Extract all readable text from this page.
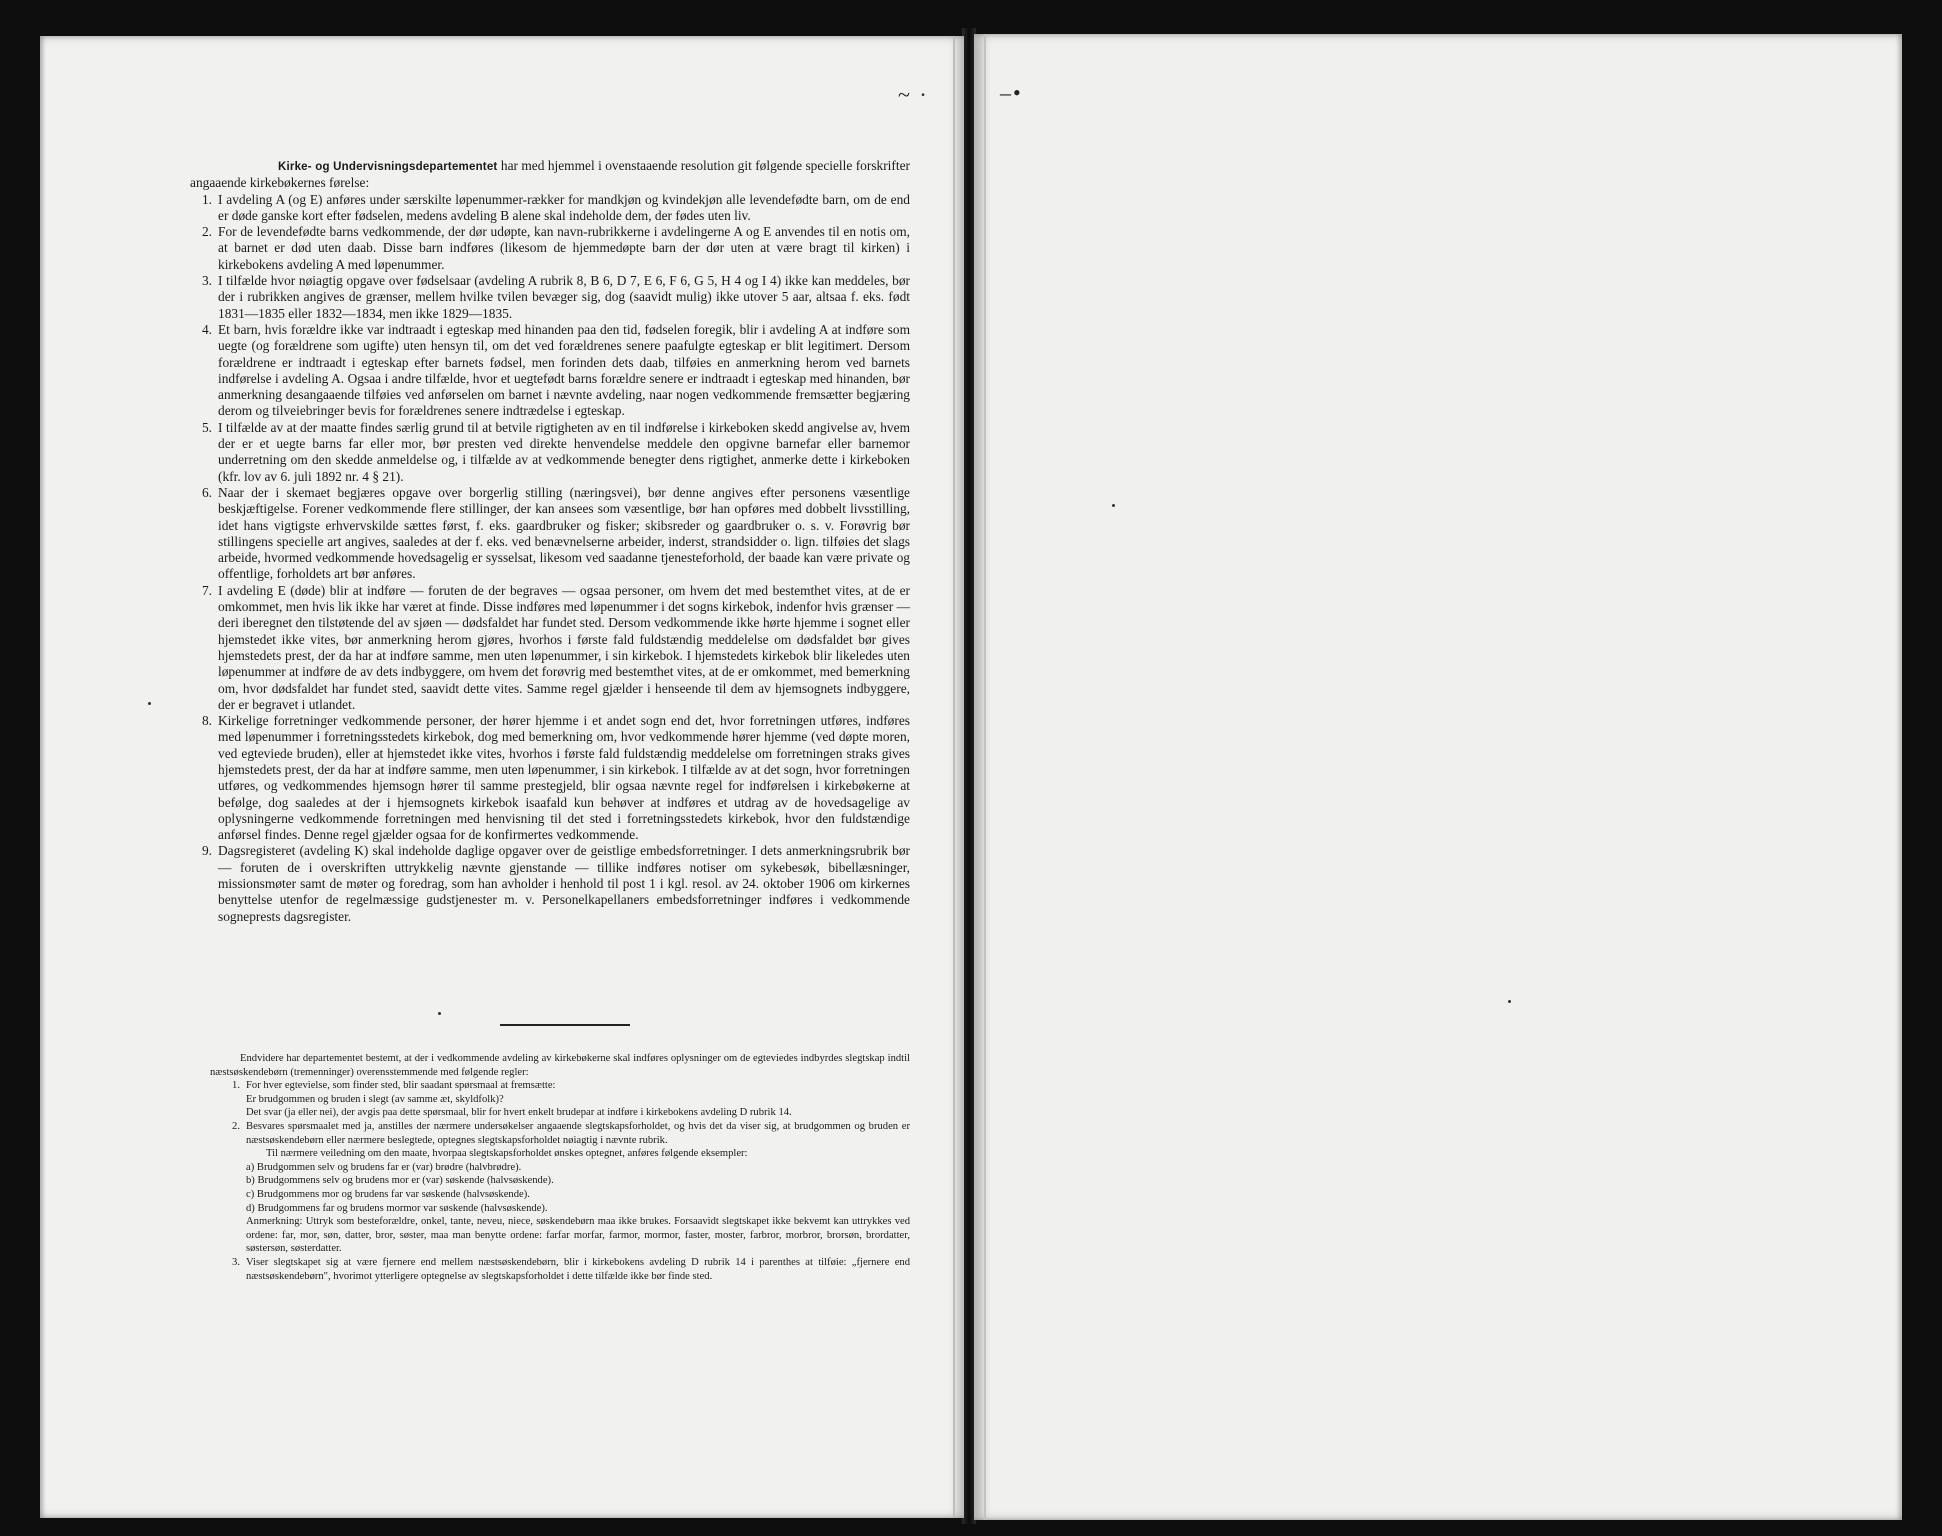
~ ·	–•

Kirke- og Undervisningsdepartementet har med hjemmel i ovenstaaende resolution git følgende specielle forskrifter angaaende kirkebøkernes førelse:

1. I avdeling A (og E) anføres under særskilte løpenummer-rækker for mandkjøn og kvindekjøn alle levendefødte barn, om de end er døde ganske kort efter fødselen, medens avdeling B alene skal indeholde dem, der fødes uten liv.
2. For de levendefødte barns vedkommende, der dør udøpte, kan navn-rubrikkerne i avdelingerne A og E anvendes til en notis om, at barnet er død uten daab. Disse barn indføres (likesom de hjemmedøpte barn der dør uten at være bragt til kirken) i kirkebokens avdeling A med løpenummer.
3. I tilfælde hvor nøiagtig opgave over fødselsaar (avdeling A rubrik 8, B 6, D 7, E 6, F 6, G 5, H 4 og I 4) ikke kan meddeles, bør der i rubrikken angives de grænser, mellem hvilke tvilen bevæger sig, dog (saavidt mulig) ikke utover 5 aar, altsaa f. eks. født 1831—1835 eller 1832—1834, men ikke 1829—1835.
4. Et barn, hvis forældre ikke var indtraadt i egteskap med hinanden paa den tid, fødselen foregik, blir i avdeling A at indføre som uegte (og forældrene som ugifte) uten hensyn til, om det ved forældrenes senere paafulgte egteskap er blit legitimert. Dersom forældrene er indtraadt i egteskap efter barnets fødsel, men forinden dets daab, tilføies en anmerkning herom ved barnets indførelse i avdeling A. Ogsaa i andre tilfælde, hvor et uegtefødt barns forældre senere er indtraadt i egteskap med hinanden, bør anmerkning desangaaende tilføies ved anførselen om barnet i nævnte avdeling, naar nogen vedkommende fremsætter begjæring derom og tilveiebringer bevis for forældrenes senere indtrædelse i egteskap.
5. I tilfælde av at der maatte findes særlig grund til at betvile rigtigheten av en til indførelse i kirkeboken skedd angivelse av, hvem der er et uegte barns far eller mor, bør presten ved direkte henvendelse meddele den opgivne barnefar eller barnemor underretning om den skedde anmeldelse og, i tilfælde av at vedkommende benegter dens rigtighet, anmerke dette i kirkeboken (kfr. lov av 6. juli 1892 nr. 4 § 21).
6. Naar der i skemaet begjæres opgave over borgerlig stilling (næringsvei), bør denne angives efter personens væsentlige beskjæftigelse. Forener vedkommende flere stillinger, der kan ansees som væsentlige, bør han opføres med dobbelt livsstilling, idet hans vigtigste erhvervskilde sættes først, f. eks. gaardbruker og fisker; skibsreder og gaardbruker o. s. v. Forøvrig bør stillingens specielle art angives, saaledes at der f. eks. ved benævnelserne arbeider, inderst, strandsidder o. lign. tilføies det slags arbeide, hvormed vedkommende hovedsagelig er sysselsat, likesom ved saadanne tjenesteforhold, der baade kan være private og offentlige, forholdets art bør anføres.
7. I avdeling E (døde) blir at indføre — foruten de der begraves — ogsaa personer, om hvem det med bestemthet vites, at de er omkommet, men hvis lik ikke har været at finde. Disse indføres med løpenummer i det sogns kirkebok, indenfor hvis grænser — deri iberegnet den tilstøtende del av sjøen — dødsfaldet har fundet sted. Dersom vedkommende ikke hørte hjemme i sognet eller hjemstedet ikke vites, bør anmerkning herom gjøres, hvorhos i første fald fuldstændig meddelelse om dødsfaldet bør gives hjemstedets prest, der da har at indføre samme, men uten løpenummer, i sin kirkebok. I hjemstedets kirkebok blir likeledes uten løpenummer at indføre de av dets indbyggere, om hvem det forøvrig med bestemthet vites, at de er omkommet, med bemerkning om, hvor dødsfaldet har fundet sted, saavidt dette vites. Samme regel gjælder i henseende til dem av hjemsognets indbyggere, der er begravet i utlandet.
8. Kirkelige forretninger vedkommende personer, der hører hjemme i et andet sogn end det, hvor forretningen utføres, indføres med løpenummer i forretningsstedets kirkebok, dog med bemerkning om, hvor vedkommende hører hjemme (ved døpte moren, ved egteviede bruden), eller at hjemstedet ikke vites, hvorhos i første fald fuldstændig meddelelse om forretningen straks gives hjemstedets prest, der da har at indføre samme, men uten løpenummer, i sin kirkebok. I tilfælde av at det sogn, hvor forretningen utføres, og vedkommendes hjemsogn hører til samme prestegjeld, blir ogsaa nævnte regel for indførelsen i kirkebøkerne at befølge, dog saaledes at der i hjemsognets kirkebok isaafald kun behøver at indføres et utdrag av de hovedsagelige av oplysningerne vedkommende forretningen med henvisning til det sted i forretningsstedets kirkebok, hvor den fuldstændige anførsel findes. Denne regel gjælder ogsaa for de konfirmertes vedkommende.
9. Dagsregisteret (avdeling K) skal indeholde daglige opgaver over de geistlige embedsforretninger. I dets anmerkningsrubrik bør — foruten de i overskriften uttrykkelig nævnte gjenstande — tillike indføres notiser om sykebesøk, bibellæsninger, missionsmøter samt de møter og foredrag, som han avholder i henhold til post 1 i kgl. resol. av 24. oktober 1906 om kirkernes benyttelse utenfor de regelmæssige gudstjenester m. v. Personelkapellaners embedsforretninger indføres i vedkommende sogneprests dagsregister.

Endvidere har departementet bestemt, at der i vedkommende avdeling av kirkebøkerne skal indføres oplysninger om de egteviedes indbyrdes slegtskap indtil næstsøskendebørn (tremenninger) overensstemmende med følgende regler:

1. For hver egtevielse, som finder sted, blir saadant spørsmaal at fremsætte:

Er brudgommen og bruden i slegt (av samme æt, skyldfolk)?

Det svar (ja eller nei), der avgis paa dette spørsmaal, blir for hvert enkelt brudepar at indføre i kirkebokens avdeling D rubrik 14.

2. Besvares spørsmaalet med ja, anstilles der nærmere undersøkelser angaaende slegtskapsforholdet, og hvis det da viser sig, at brudgommen og bruden er næstsøskendebørn eller nærmere beslegtede, optegnes slegtskapsforholdet nøiagtig i nævnte rubrik.

Til nærmere veiledning om den maate, hvorpaa slegtskapsforholdet ønskes optegnet, anføres følgende eksempler:

a) Brudgommen selv og brudens far er (var) brødre (halvbrødre).

b) Brudgommens selv og brudens mor er (var) søskende (halvsøskende).

c) Brudgommens mor og brudens far var søskende (halvsøskende).

d) Brudgommens far og brudens mormor var søskende (halvsøskende).

Anmerkning: Uttryk som besteforældre, onkel, tante, neveu, niece, søskendebørn maa ikke brukes. Forsaavidt slegtskapet ikke bekvemt kan uttrykkes ved ordene: far, mor, søn, datter, bror, søster, maa man benytte ordene: farfar morfar, farmor, mormor, faster, moster, farbror, morbror, brorsøn, brordatter, søstersøn, søsterdatter.

3. Viser slegtskapet sig at være fjernere end mellem næstsøskendebørn, blir i kirkebokens avdeling D rubrik 14 i parenthes at tilføie: „fjernere end næstsøskendebørn", hvorimot ytterligere optegnelse av slegtskapsforholdet i dette tilfælde ikke bør finde sted.
